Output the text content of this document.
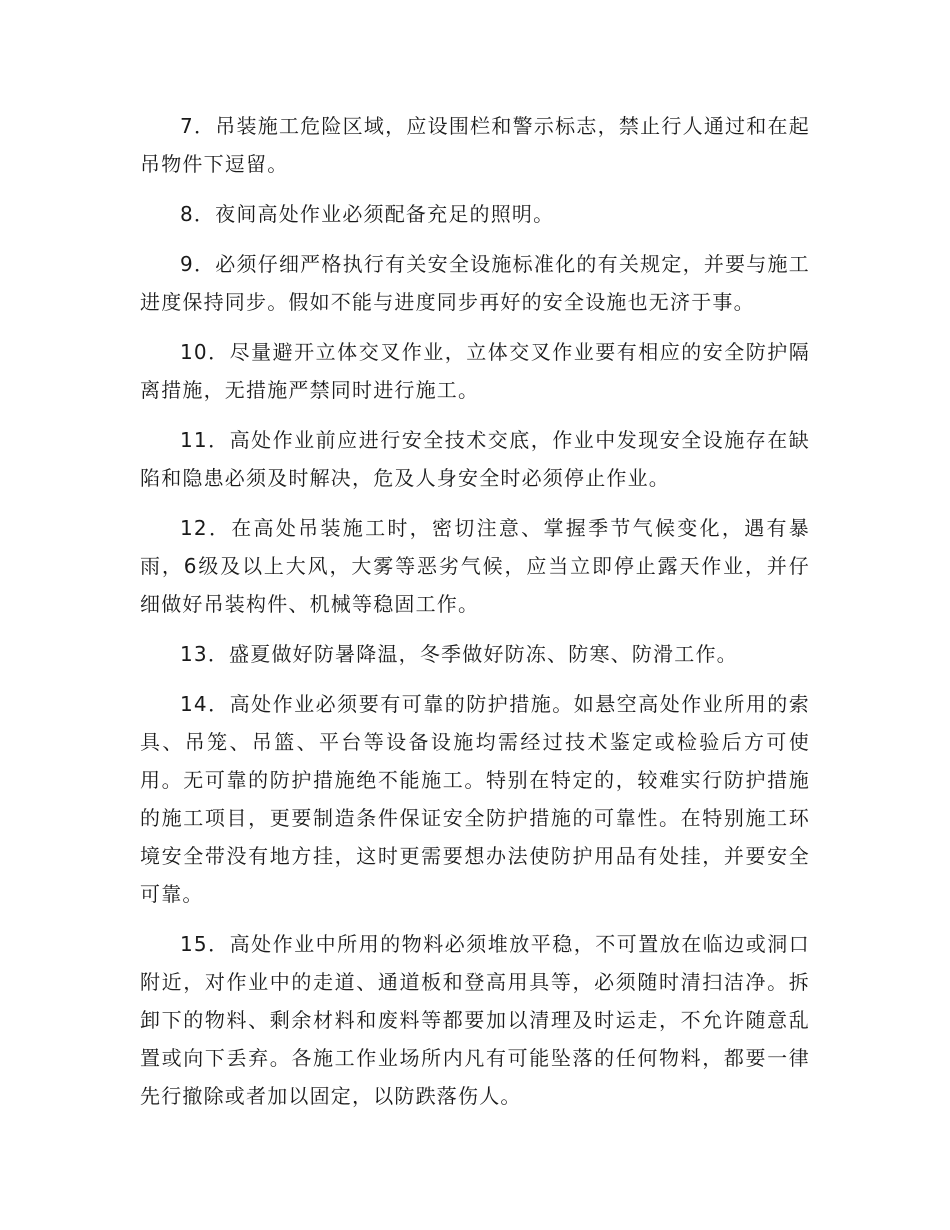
7．吊装施工危险区域，应设围栏和警示标志，禁止行人通过和在起吊物件下逗留。

8．夜间高处作业必须配备充足的照明。

9．必须仔细严格执行有关安全设施标准化的有关规定，并要与施工进度保持同步。假如不能与进度同步再好的安全设施也无济于事。

10．尽量避开立体交叉作业，立体交叉作业要有相应的安全防护隔离措施，无措施严禁同时进行施工。

11．高处作业前应进行安全技术交底，作业中发现安全设施存在缺陷和隐患必须及时解决，危及人身安全时必须停止作业。

12．在高处吊装施工时，密切注意、掌握季节气候变化，遇有暴雨，6级及以上大风，大雾等恶劣气候，应当立即停止露天作业，并仔细做好吊装构件、机械等稳固工作。

13．盛夏做好防暑降温，冬季做好防冻、防寒、防滑工作。

14．高处作业必须要有可靠的防护措施。如悬空高处作业所用的索具、吊笼、吊篮、平台等设备设施均需经过技术鉴定或检验后方可使用。无可靠的防护措施绝不能施工。特别在特定的，较难实行防护措施的施工项目，更要制造条件保证安全防护措施的可靠性。在特别施工环境安全带没有地方挂，这时更需要想办法使防护用品有处挂，并要安全可靠。

15．高处作业中所用的物料必须堆放平稳，不可置放在临边或洞口附近，对作业中的走道、通道板和登高用具等，必须随时清扫洁净。拆卸下的物料、剩余材料和废料等都要加以清理及时运走，不允许随意乱置或向下丢弃。各施工作业场所内凡有可能坠落的任何物料，都要一律先行撤除或者加以固定，以防跌落伤人。
